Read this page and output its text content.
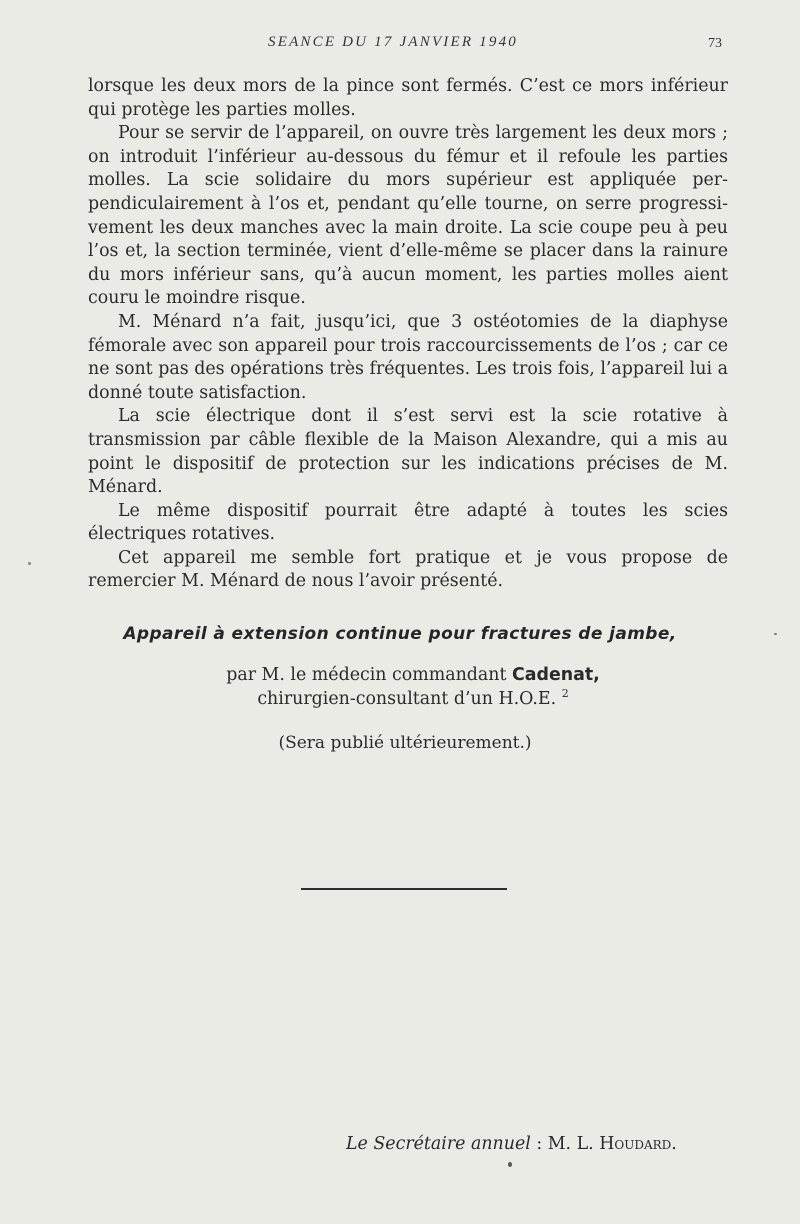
SEANCE DU 17 JANVIER 1940	73

lorsque les deux mors de la pince sont fermés. C’est ce mors inférieur qui protège les parties molles.

Pour se servir de l’appareil, on ouvre très largement les deux mors ; on introduit l’inférieur au-dessous du fémur et il refoule les parties molles. La scie solidaire du mors supérieur est appliquée perpendiculairement à l’os et, pendant qu’elle tourne, on serre progressivement les deux manches avec la main droite. La scie coupe peu à peu l’os et, la section terminée, vient d’elle-même se placer dans la rainure du mors inférieur sans, qu’à aucun moment, les parties molles aient couru le moindre risque.

M. Ménard n’a fait, jusqu’ici, que 3 ostéotomies de la diaphyse fémorale avec son appareil pour trois raccourcissements de l’os ; car ce ne sont pas des opérations très fréquentes. Les trois fois, l’appareil lui a donné toute satisfaction.

La scie électrique dont il s’est servi est la scie rotative à transmission par câble flexible de la Maison Alexandre, qui a mis au point le dispositif de protection sur les indications précises de M. Ménard.

Le même dispositif pourrait être adapté à toutes les scies électriques rotatives.

Cet appareil me semble fort pratique et je vous propose de remercier M. Ménard de nous l’avoir présenté.

Appareil à extension continue pour fractures de jambe,
par M. le médecin commandant Cadenat,
chirurgien-consultant d’un H.O.E. $^2$
(Sera publié ultérieurement.)
Le Secrétaire annuel : M. L. Houdard.
